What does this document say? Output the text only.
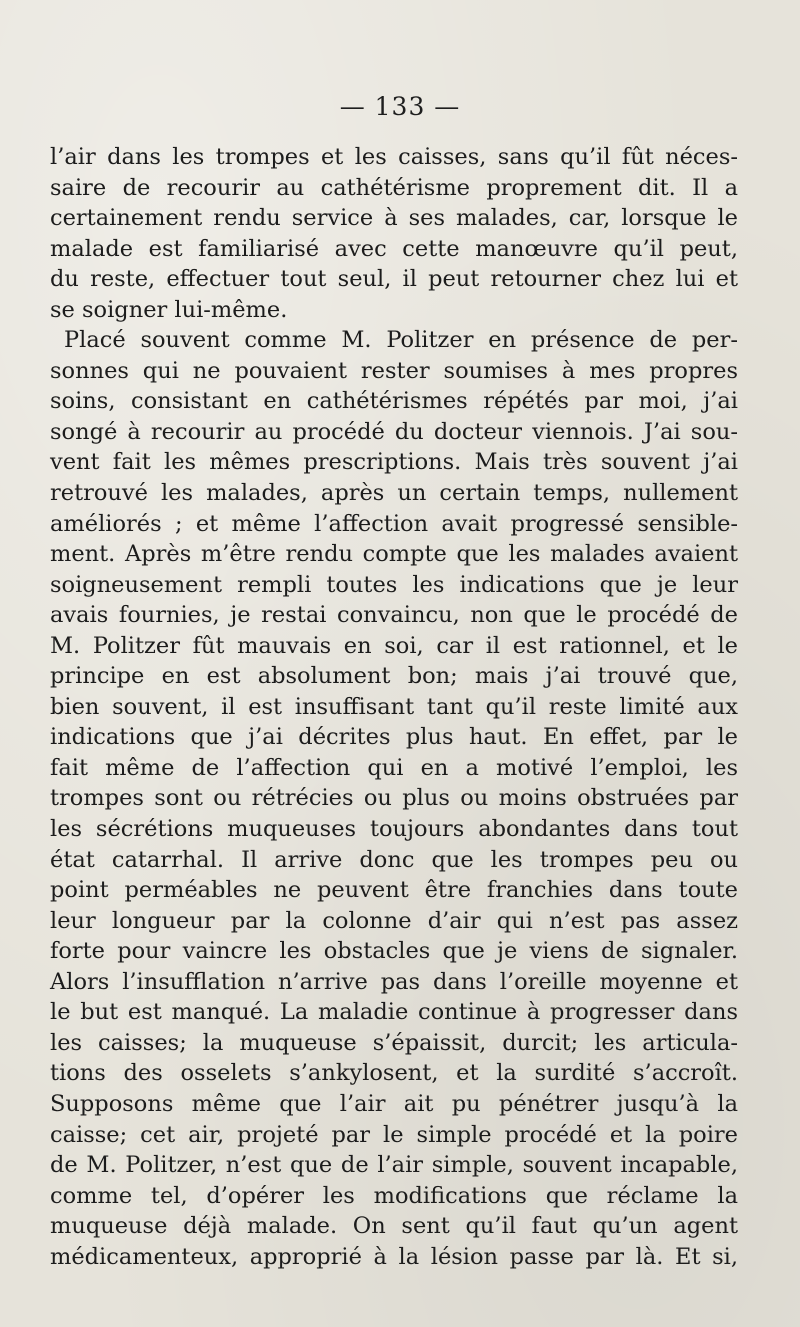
— 133 —
l’air dans les trompes et les caisses, sans qu’il fût néces-
saire de recourir au cathétérisme proprement dit. Il a
certainement rendu service à ses malades, car, lorsque le
malade est familiarisé avec cette manœuvre qu’il peut,
du reste, effectuer tout seul, il peut retourner chez lui et
se soigner lui-même.
Placé souvent comme M. Politzer en présence de per-
sonnes qui ne pouvaient rester soumises à mes propres
soins, consistant en cathétérismes répétés par moi, j’ai
songé à recourir au procédé du docteur viennois. J’ai sou-
vent fait les mêmes prescriptions. Mais très souvent j’ai
retrouvé les malades, après un certain temps, nullement
améliorés ; et même l’affection avait progressé sensible-
ment. Après m’être rendu compte que les malades avaient
soigneusement rempli toutes les indications que je leur
avais fournies, je restai convaincu, non que le procédé de
M. Politzer fût mauvais en soi, car il est rationnel, et le
principe en est absolument bon; mais j’ai trouvé que,
bien souvent, il est insuffisant tant qu’il reste limité aux
indications que j’ai décrites plus haut. En effet, par le
fait même de l’affection qui en a motivé l’emploi, les
trompes sont ou rétrécies ou plus ou moins obstruées par
les sécrétions muqueuses toujours abondantes dans tout
état catarrhal. Il arrive donc que les trompes peu ou
point perméables ne peuvent être franchies dans toute
leur longueur par la colonne d’air qui n’est pas assez
forte pour vaincre les obstacles que je viens de signaler.
Alors l’insufflation n’arrive pas dans l’oreille moyenne et
le but est manqué. La maladie continue à progresser dans
les caisses; la muqueuse s’épaissit, durcit; les articula-
tions des osselets s’ankylosent, et la surdité s’accroît.
Supposons même que l’air ait pu pénétrer jusqu’à la
caisse; cet air, projeté par le simple procédé et la poire
de M. Politzer, n’est que de l’air simple, souvent incapable,
comme tel, d’opérer les modifications que réclame la
muqueuse déjà malade. On sent qu’il faut qu’un agent
médicamenteux, approprié à la lésion passe par là. Et si,
